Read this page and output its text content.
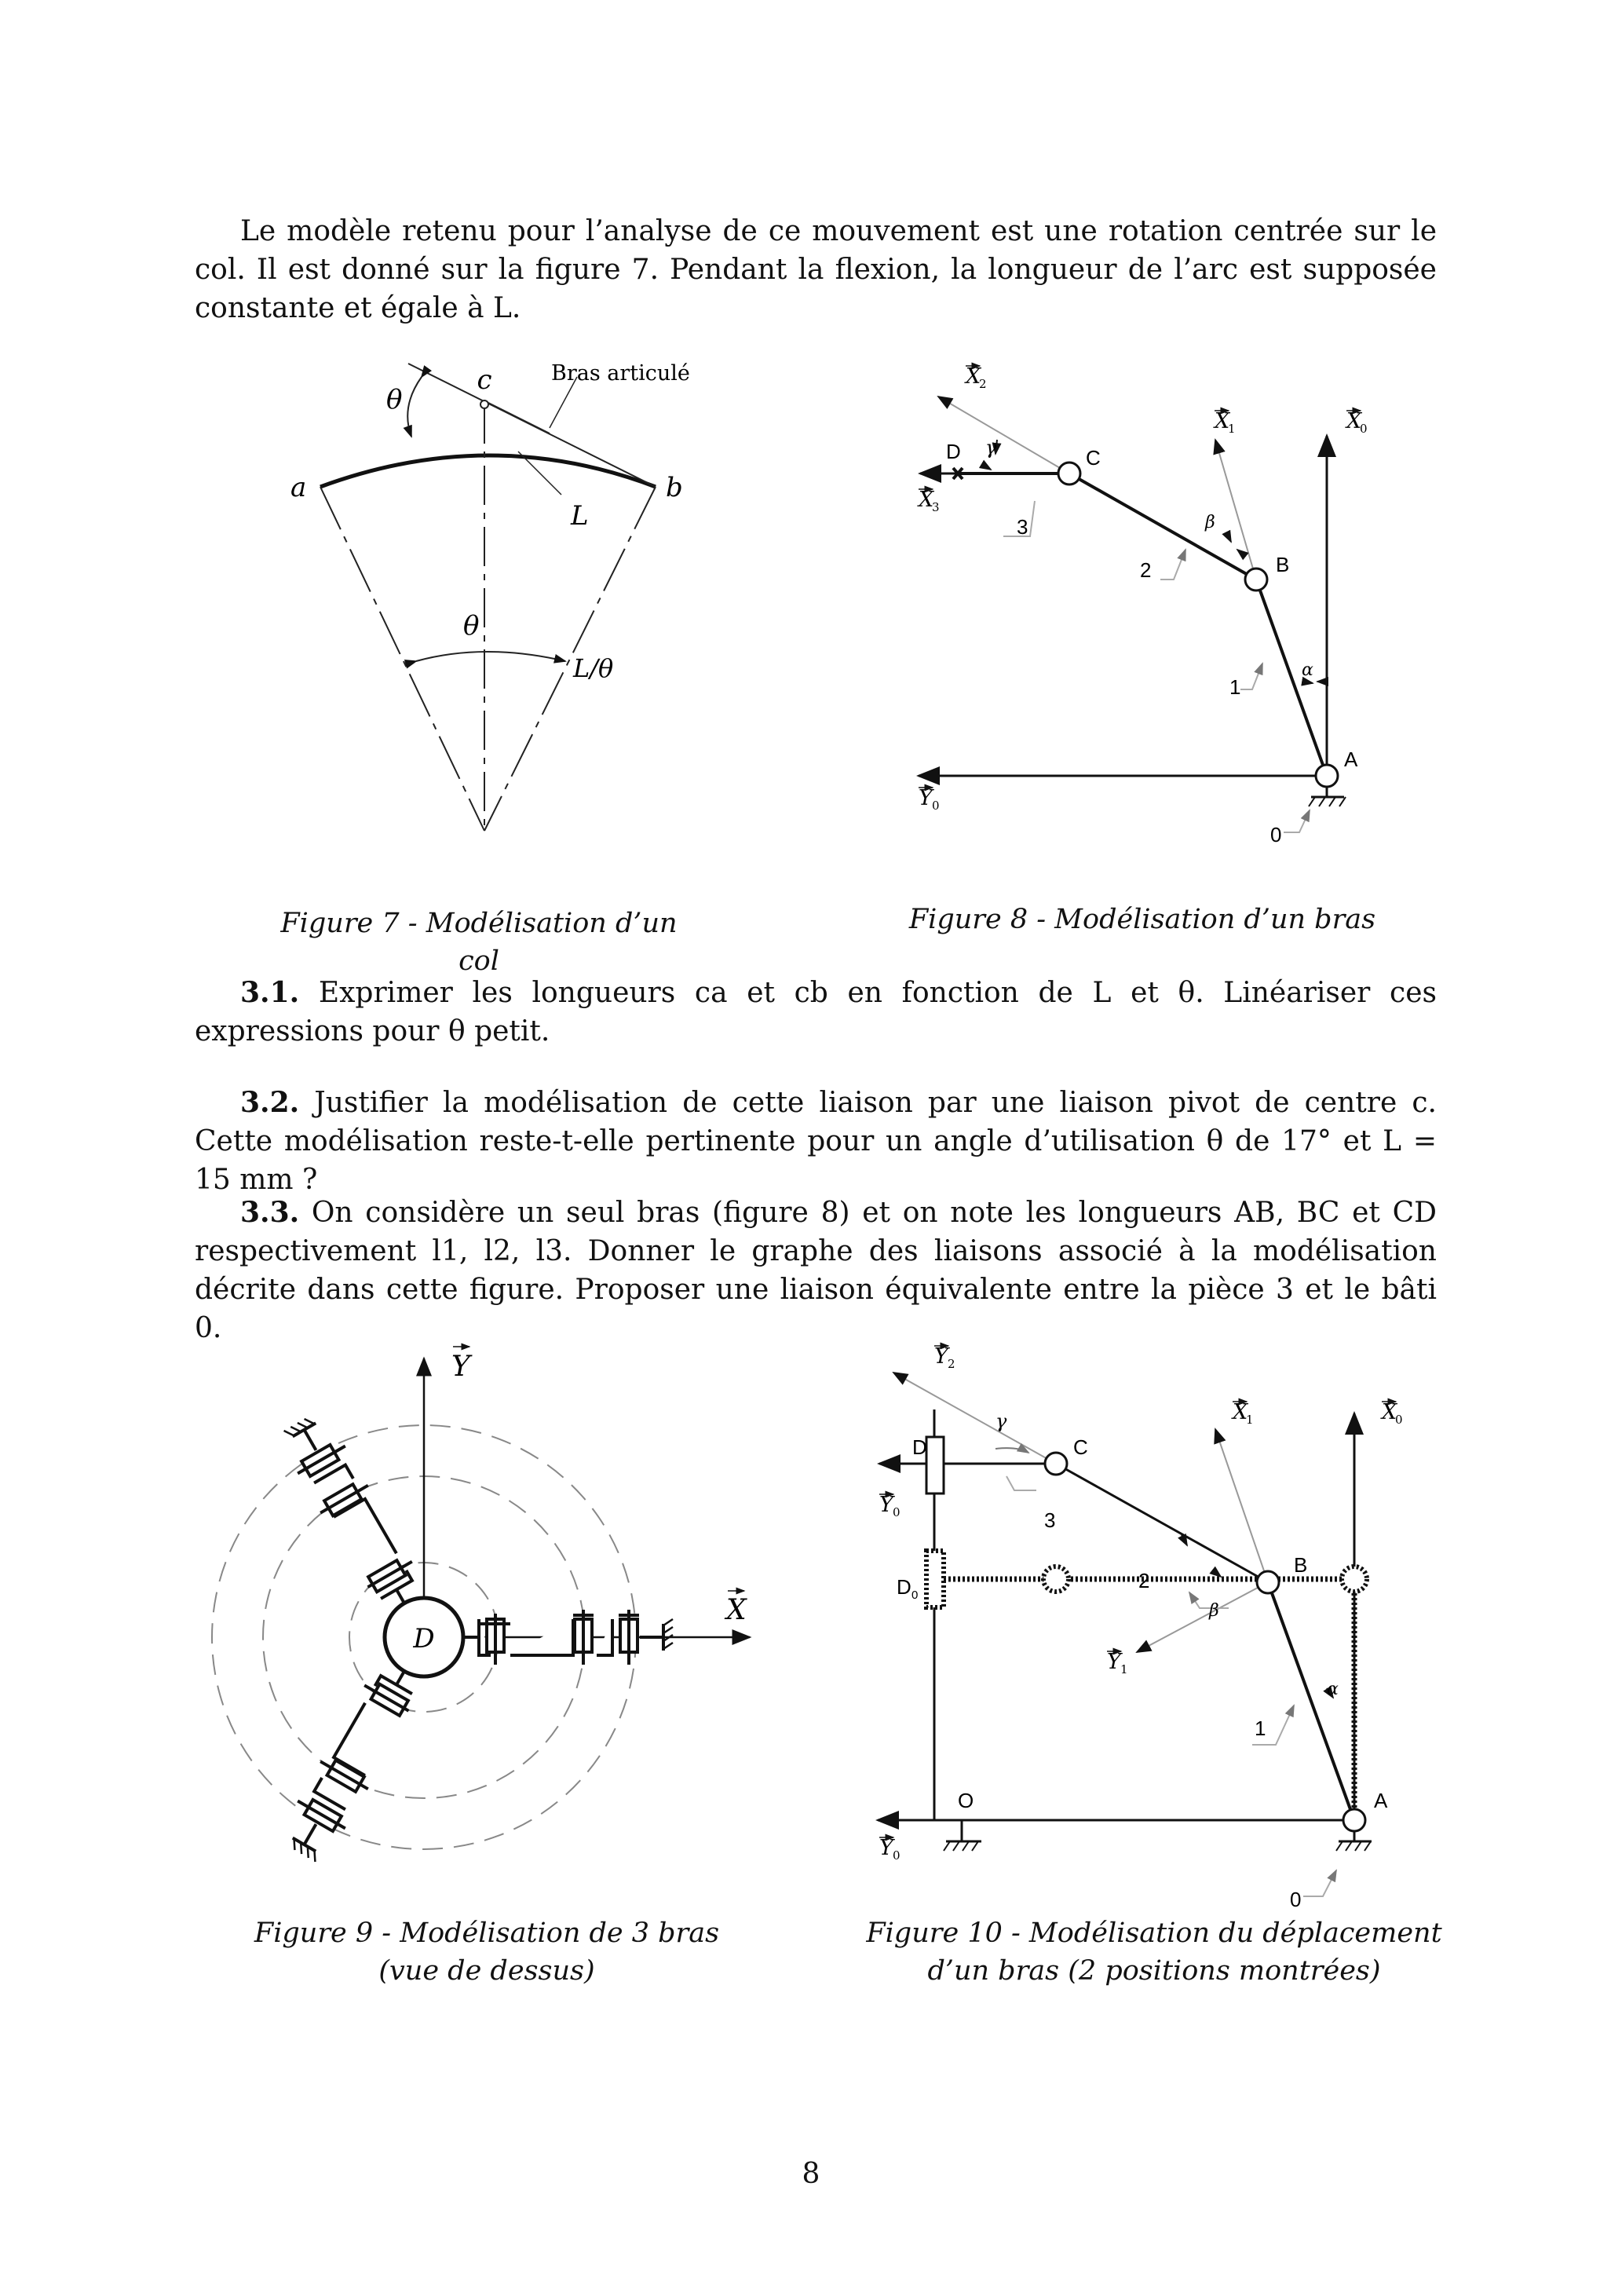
Le modèle retenu pour l’analyse de ce mouvement est une rotation centrée sur le col. Il est donné sur la figure 7. Pendant la flexion, la longueur de l’arc est supposée constante et égale à L.

c
θ
Bras articulé
a	b
L
θ
L/θ
X
2
X
1	X
0
X
3
Y 0
D γ	C
3	β
2	B
1
α
A
0
Y
X
D
Y 2
γ
C
X
1	X
0
D
Y 0	3
D 0
2
B
β
Y 1
1
α
O	A
Y 0
0
Figure 7 - Modélisation d’un col
Figure 8 - Modélisation d’un bras

3.1. Exprimer les longueurs ca et cb en fonction de L et θ. Linéariser ces expressions pour θ petit.

3.2. Justifier la modélisation de cette liaison par une liaison pivot de centre c. Cette modélisation reste-t-elle pertinente pour un angle d’utilisation θ de 17° et L = 15 mm ?

3.3. On considère un seul bras (figure 8) et on note les longueurs AB, BC et CD respectivement l1, l2, l3. Donner le graphe des liaisons associé à la modélisation décrite dans cette figure. Proposer une liaison équivalente entre la pièce 3 et le bâti 0.

Figure 9 - Modélisation de 3 bras
(vue de dessus)
Figure 10 - Modélisation du déplacement
d’un bras (2 positions montrées)
8
